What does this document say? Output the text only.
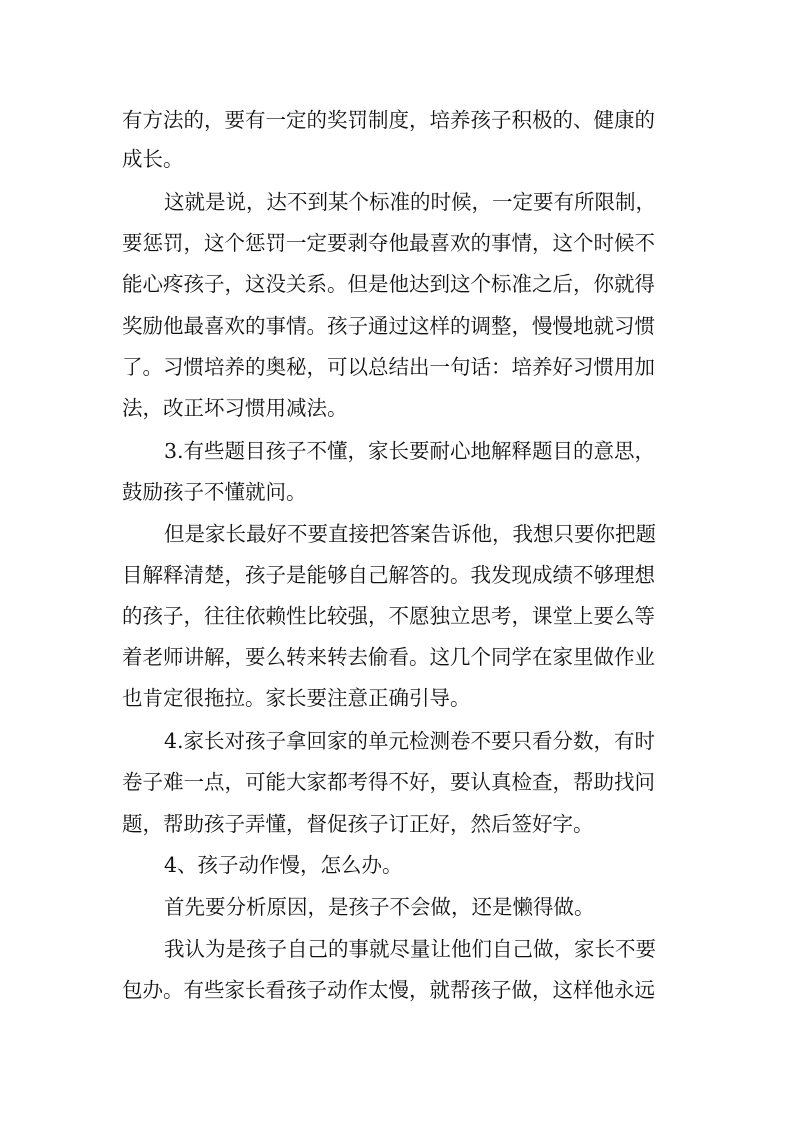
有方法的，要有一定的奖罚制度，培养孩子积极的、健康的
成长。
这就是说，达不到某个标准的时候，一定要有所限制，
要惩罚，这个惩罚一定要剥夺他最喜欢的事情，这个时候不
能心疼孩子，这没关系。但是他达到这个标准之后，你就得
奖励他最喜欢的事情。孩子通过这样的调整，慢慢地就习惯
了。习惯培养的奥秘，可以总结出一句话：培养好习惯用加
法，改正坏习惯用减法。
3.有些题目孩子不懂，家长要耐心地解释题目的意思，
鼓励孩子不懂就问。
但是家长最好不要直接把答案告诉他，我想只要你把题
目解释清楚，孩子是能够自己解答的。我发现成绩不够理想
的孩子，往往依赖性比较强，不愿独立思考，课堂上要么等
着老师讲解，要么转来转去偷看。这几个同学在家里做作业
也肯定很拖拉。家长要注意正确引导。
4.家长对孩子拿回家的单元检测卷不要只看分数，有时
卷子难一点，可能大家都考得不好，要认真检查，帮助找问
题，帮助孩子弄懂，督促孩子订正好，然后签好字。
4、孩子动作慢，怎么办。
首先要分析原因，是孩子不会做，还是懒得做。
我认为是孩子自己的事就尽量让他们自己做，家长不要
包办。有些家长看孩子动作太慢，就帮孩子做，这样他永远
